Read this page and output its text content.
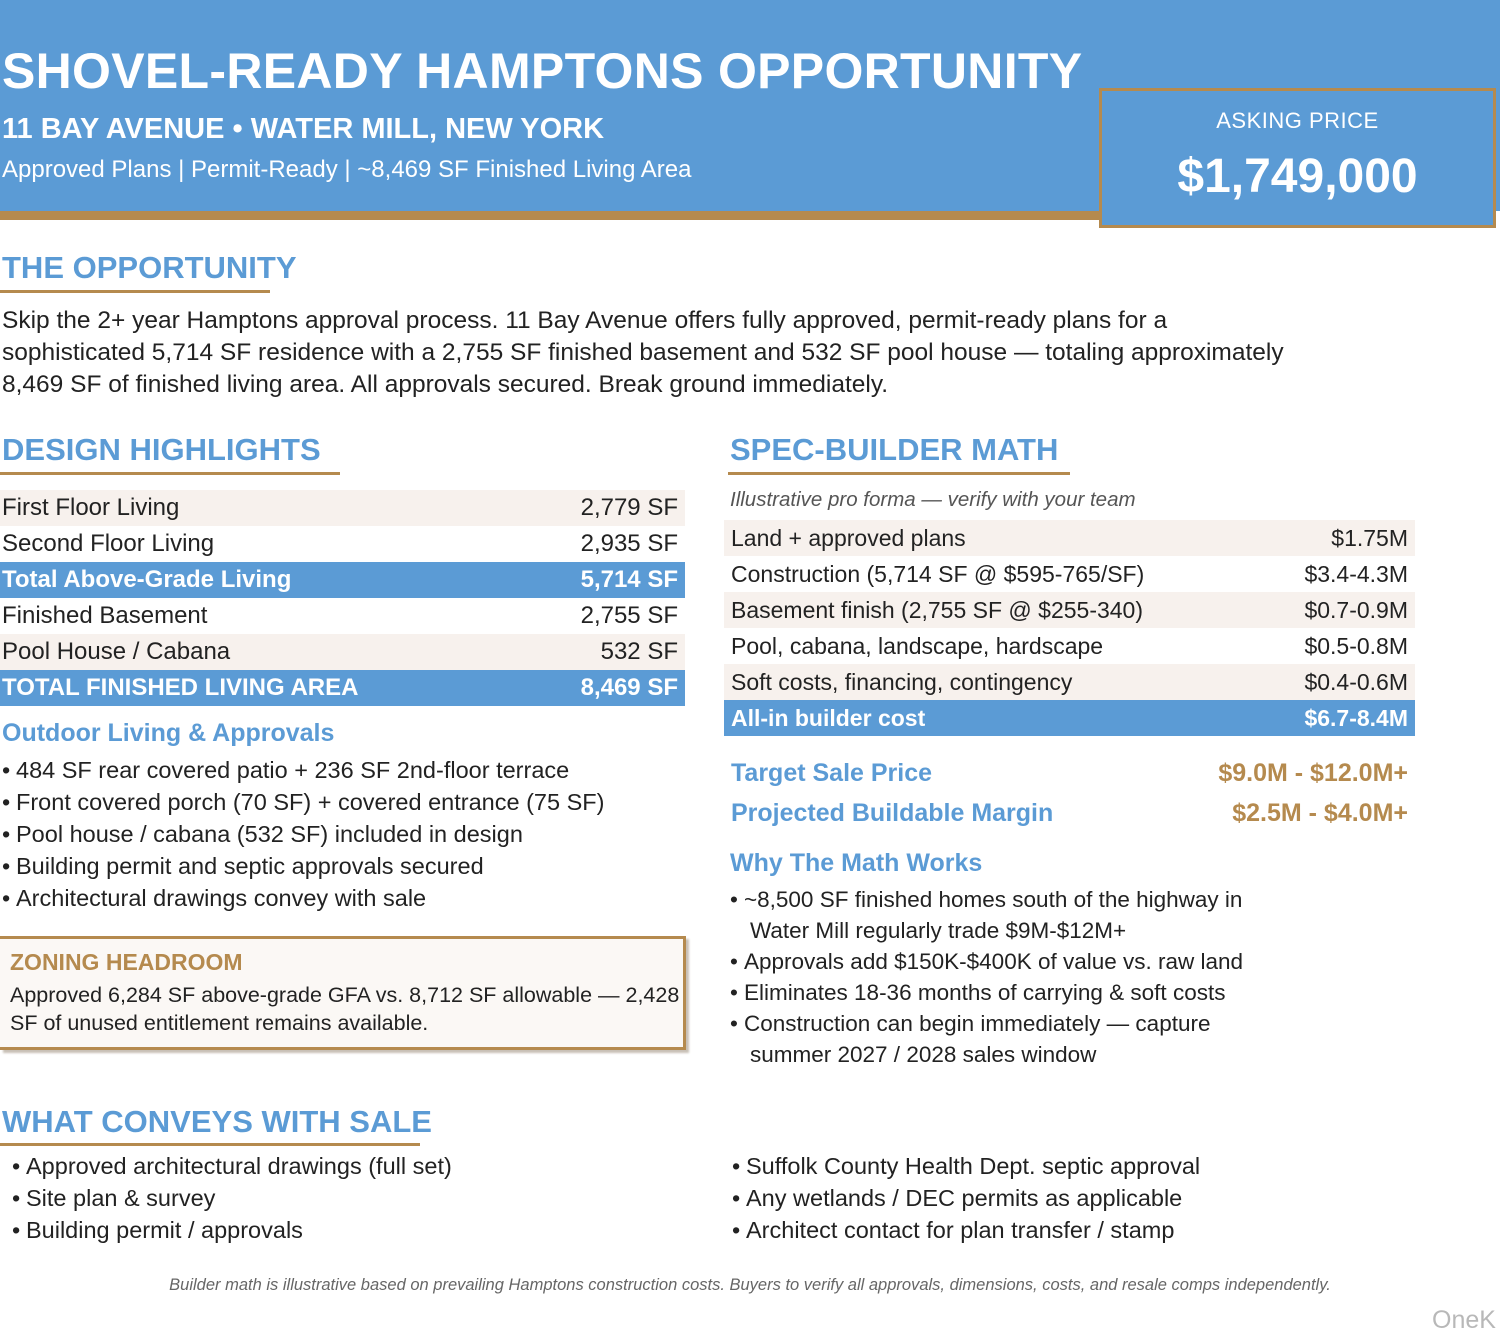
SHOVEL-READY HAMPTONS OPPORTUNITY
11 BAY AVENUE • WATER MILL, NEW YORK
Approved Plans | Permit-Ready | ~8,469 SF Finished Living Area
ASKING PRICE
$1,749,000
THE OPPORTUNITY
Skip the 2+ year Hamptons approval process. 11 Bay Avenue offers fully approved, permit-ready plans for a sophisticated 5,714 SF residence with a 2,755 SF finished basement and 532 SF pool house — totaling approximately 8,469 SF of finished living area. All approvals secured. Break ground immediately.
DESIGN HIGHLIGHTS
First Floor Living	2,779 SF
Second Floor Living	2,935 SF
Total Above-Grade Living	5,714 SF
Finished Basement	2,755 SF
Pool House / Cabana	532 SF
TOTAL FINISHED LIVING AREA	8,469 SF
Outdoor Living & Approvals
• 484 SF rear covered patio + 236 SF 2nd-floor terrace
• Front covered porch (70 SF) + covered entrance (75 SF)
• Pool house / cabana (532 SF) included in design
• Building permit and septic approvals secured
• Architectural drawings convey with sale
ZONING HEADROOM
Approved 6,284 SF above-grade GFA vs. 8,712 SF allowable — 2,428 SF of unused entitlement remains available.
SPEC-BUILDER MATH
Illustrative pro forma — verify with your team
Land + approved plans	$1.75M
Construction (5,714 SF @ $595-765/SF)	$3.4-4.3M
Basement finish (2,755 SF @ $255-340)	$0.7-0.9M
Pool, cabana, landscape, hardscape	$0.5-0.8M
Soft costs, financing, contingency	$0.4-0.6M
All-in builder cost	$6.7-8.4M
Target Sale Price	$9.0M - $12.0M+
Projected Buildable Margin	$2.5M - $4.0M+
Why The Math Works
• ~8,500 SF finished homes south of the highway in
Water Mill regularly trade $9M-$12M+
• Approvals add $150K-$400K of value vs. raw land
• Eliminates 18-36 months of carrying & soft costs
• Construction can begin immediately — capture
summer 2027 / 2028 sales window
WHAT CONVEYS WITH SALE
• Approved architectural drawings (full set)
• Site plan & survey
• Building permit / approvals
• Suffolk County Health Dept. septic approval
• Any wetlands / DEC permits as applicable
• Architect contact for plan transfer / stamp
Builder math is illustrative based on prevailing Hamptons construction costs. Buyers to verify all approvals, dimensions, costs, and resale comps independently.
OneK
